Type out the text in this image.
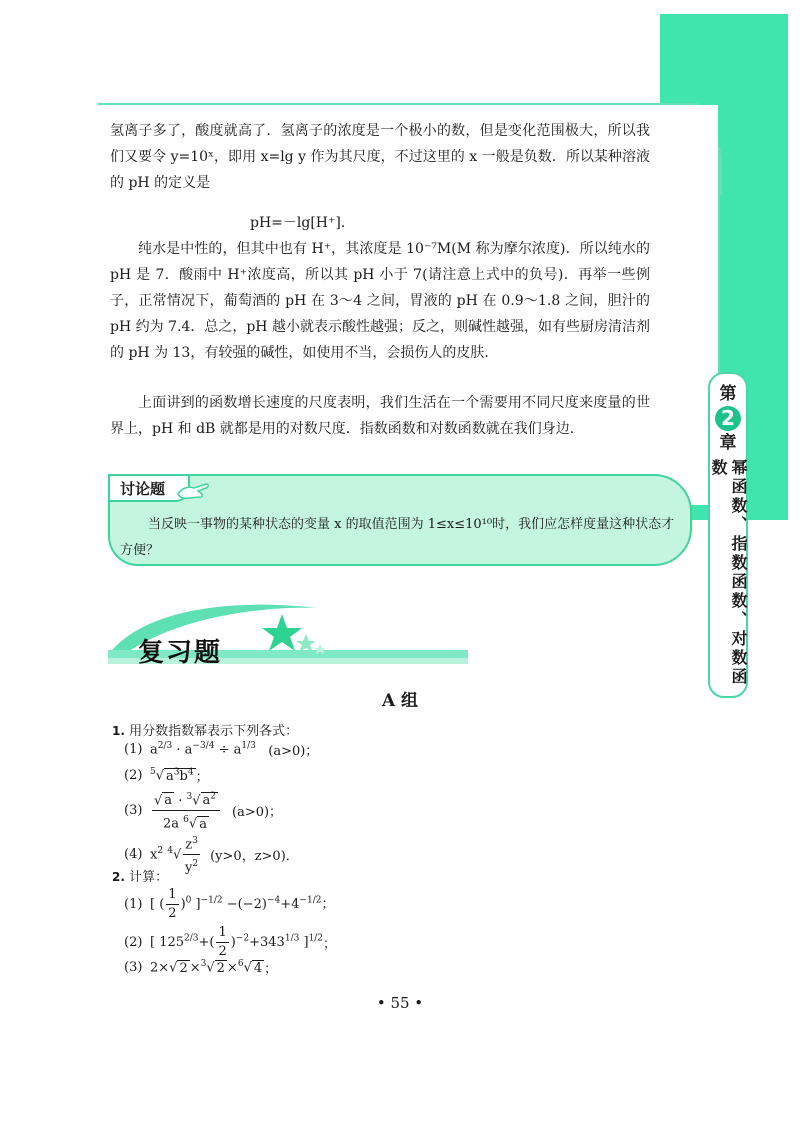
第
2
章
幂函数、指数函数、对数函数
氢离子多了，酸度就高了．氢离子的浓度是一个极小的数，但是变化范围极大，所以我们又要令 y=10ˣ，即用 x=lg y 作为其尺度，不过这里的 x 一般是负数．所以某种溶液的 pH 的定义是
pH=－lg[H⁺]．
纯水是中性的，但其中也有 H⁺，其浓度是 10⁻⁷M(M 称为摩尔浓度)．所以纯水的 pH 是 7．酸雨中 H⁺浓度高，所以其 pH 小于 7(请注意上式中的负号)．再举一些例子，正常情况下，葡萄酒的 pH 在 3～4 之间，胃液的 pH 在 0.9～1.8 之间，胆汁的 pH 约为 7.4．总之，pH 越小就表示酸性越强；反之，则碱性越强，如有些厨房清洁剂的 pH 为 13，有较强的碱性，如使用不当，会损伤人的皮肤．
上面讲到的函数增长速度的尺度表明，我们生活在一个需要用不同尺度来度量的世界上，pH 和 dB 就都是用的对数尺度．指数函数和对数函数就在我们身边．
讨论题
当反映一事物的某种状态的变量 x 的取值范围为 1≤x≤10¹⁰时，我们应怎样度量这种状态才方便？
复习题
A 组
1. 用分数指数幂表示下列各式：
(1) $a^{2/3} \cdot a^{-3/4} \div a^{1/3}$ (a>0)；
(2) $^5$√ $a^3b^4$ ；
$(3) \frac{√ a \cdot ^3√ a^2}{2a ^6√ a} (a>0)$；
(4) $x^2$ $^4√ \frac{z^3}{y^2}$
(y>0，z>0)．
2. 计算：
(1) [ ( $\frac{1}{2} )^0$ ]$^{-1/2} -(-2)^{-4}+4^{-1/2}$；
(2) [ $125^{2/3}+( \frac{1}{2} )^{-2}+343^{1/3}$ ]$^{1/2}$ ；
(3) 2×√ 2 ×$^3$√ 2 ×$^6$√ 4 ；
• 55 •
